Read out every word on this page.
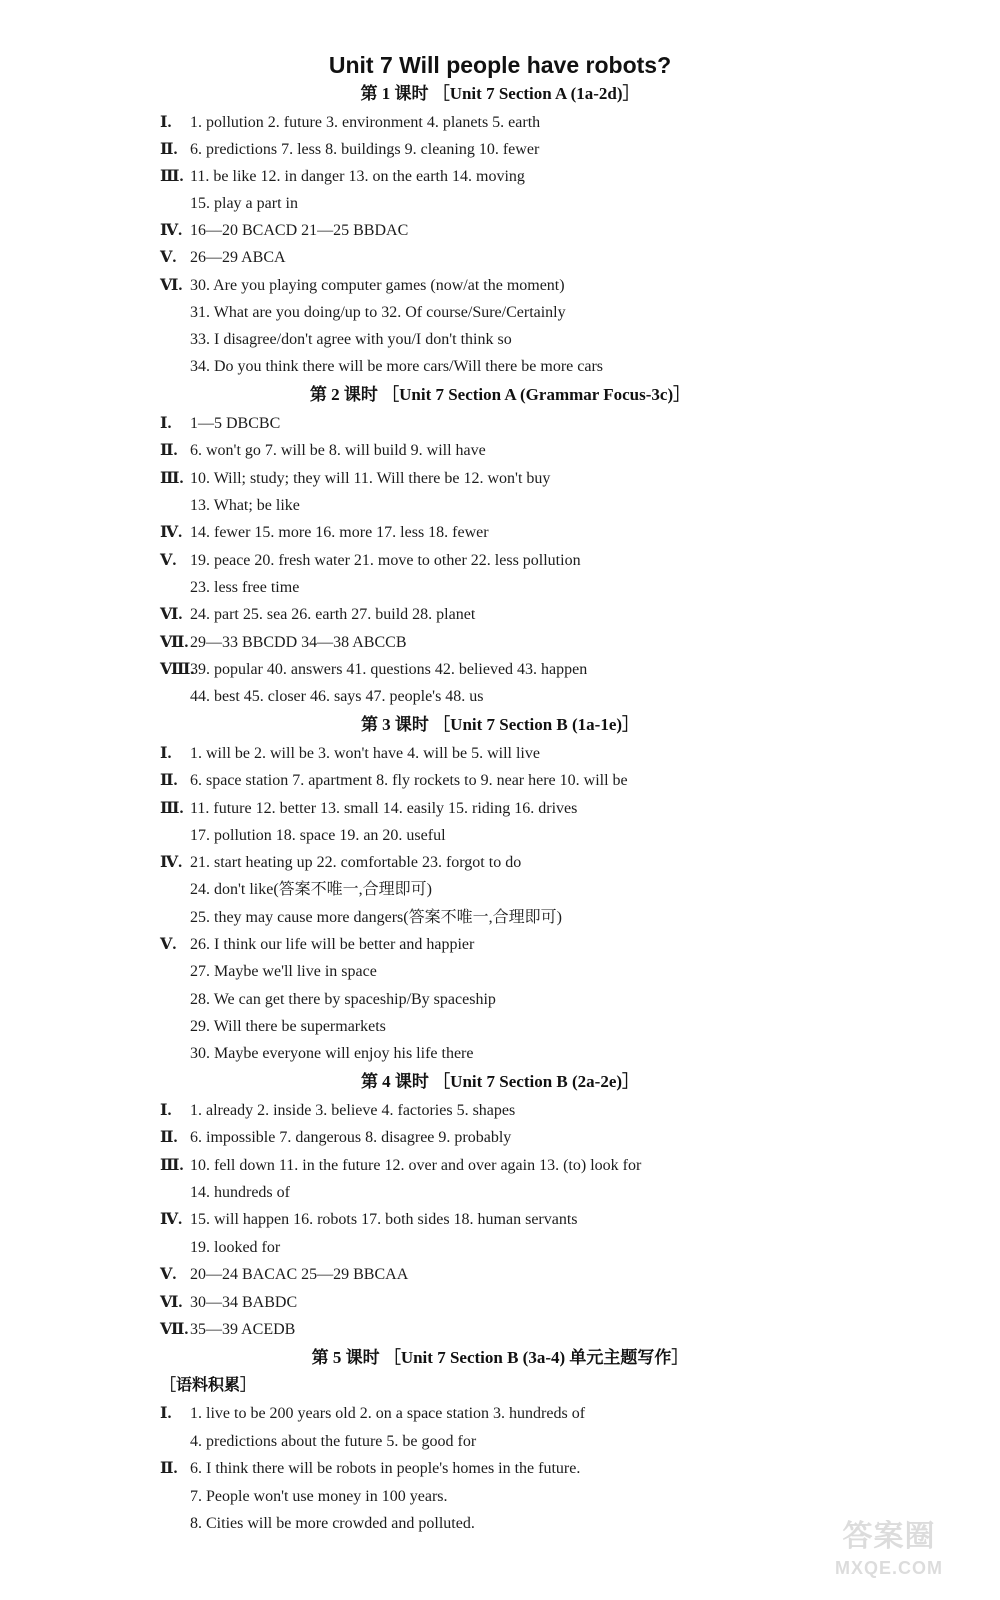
Unit 7 Will people have robots?
第 1 课时 ［Unit 7 Section A (1a-2d)］
Ⅰ. 1. pollution 2. future 3. environment 4. planets 5. earth
Ⅱ. 6. predictions 7. less 8. buildings 9. cleaning 10. fewer
Ⅲ. 11. be like 12. in danger 13. on the earth 14. moving
15. play a part in
Ⅳ. 16—20 BCACD 21—25 BBDAC
Ⅴ. 26—29 ABCA
Ⅵ. 30. Are you playing computer games (now/at the moment)
31. What are you doing/up to 32. Of course/Sure/Certainly
33. I disagree/don't agree with you/I don't think so
34. Do you think there will be more cars/Will there be more cars
第 2 课时 ［Unit 7 Section A (Grammar Focus-3c)］
Ⅰ. 1—5 DBCBC
Ⅱ. 6. won't go 7. will be 8. will build 9. will have
Ⅲ. 10. Will; study; they will 11. Will there be 12. won't buy
13. What; be like
Ⅳ. 14. fewer 15. more 16. more 17. less 18. fewer
Ⅴ. 19. peace 20. fresh water 21. move to other 22. less pollution
23. less free time
Ⅵ. 24. part 25. sea 26. earth 27. build 28. planet
Ⅶ.29—33 BBCDD 34—38 ABCCB
Ⅷ.39. popular 40. answers 41. questions 42. believed 43. happen
44. best 45. closer 46. says 47. people's 48. us
第 3 课时 ［Unit 7 Section B (1a-1e)］
Ⅰ. 1. will be 2. will be 3. won't have 4. will be 5. will live
Ⅱ. 6. space station 7. apartment 8. fly rockets to 9. near here 10. will be
Ⅲ. 11. future 12. better 13. small 14. easily 15. riding 16. drives
17. pollution 18. space 19. an 20. useful
Ⅳ. 21. start heating up 22. comfortable 23. forgot to do
24. don't like(答案不唯一,合理即可)
25. they may cause more dangers(答案不唯一,合理即可)
Ⅴ. 26. I think our life will be better and happier
27. Maybe we'll live in space
28. We can get there by spaceship/By spaceship
29. Will there be supermarkets
30. Maybe everyone will enjoy his life there
第 4 课时 ［Unit 7 Section B (2a-2e)］
Ⅰ. 1. already 2. inside 3. believe 4. factories 5. shapes
Ⅱ. 6. impossible 7. dangerous 8. disagree 9. probably
Ⅲ. 10. fell down 11. in the future 12. over and over again 13. (to) look for
14. hundreds of
Ⅳ. 15. will happen 16. robots 17. both sides 18. human servants
19. looked for
Ⅴ. 20—24 BACAC 25—29 BBCAA
Ⅵ. 30—34 BABDC
Ⅶ.35—39 ACEDB
第 5 课时 ［Unit 7 Section B (3a-4) 单元主题写作］
［语料积累］
Ⅰ. 1. live to be 200 years old 2. on a space station 3. hundreds of
4. predictions about the future 5. be good for
Ⅱ. 6. I think there will be robots in people's homes in the future.
7. People won't use money in 100 years.
8. Cities will be more crowded and polluted.	答案圈
MXQE.COM
